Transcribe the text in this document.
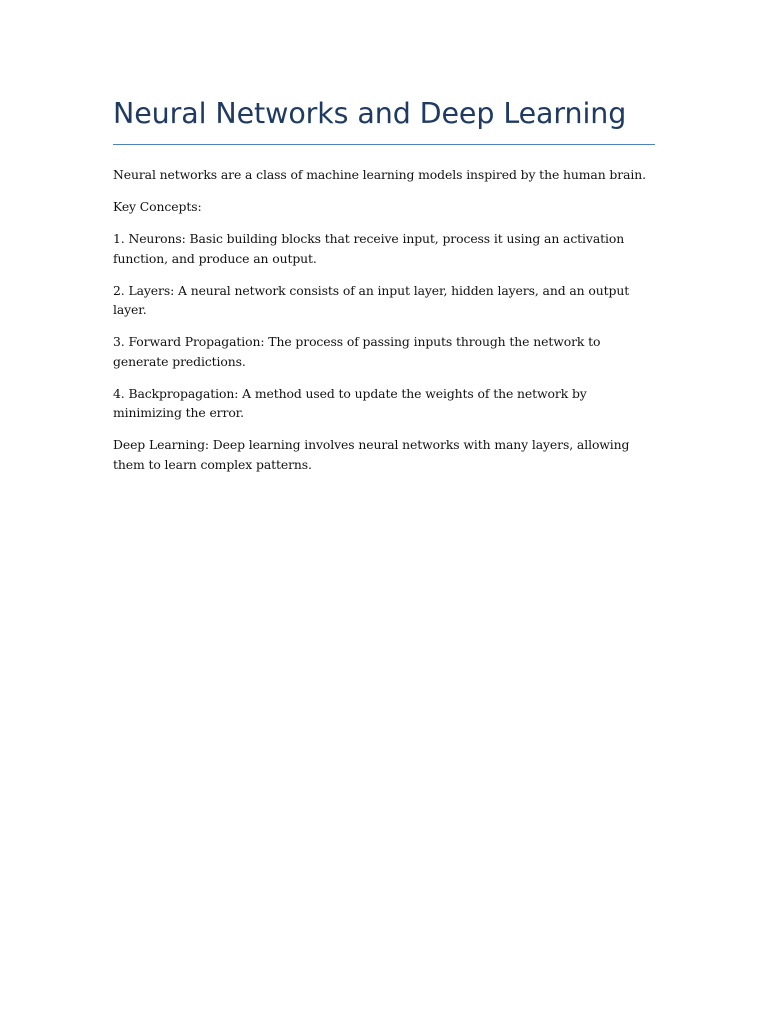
Neural Networks and Deep Learning

Neural networks are a class of machine learning models inspired by the human brain.

Key Concepts:

1. Neurons: Basic building blocks that receive input, process it using an activation function, and produce an output.

2. Layers: A neural network consists of an input layer, hidden layers, and an output layer.

3. Forward Propagation: The process of passing inputs through the network to generate predictions.

4. Backpropagation: A method used to update the weights of the network by minimizing the error.

Deep Learning: Deep learning involves neural networks with many layers, allowing them to learn complex patterns.
